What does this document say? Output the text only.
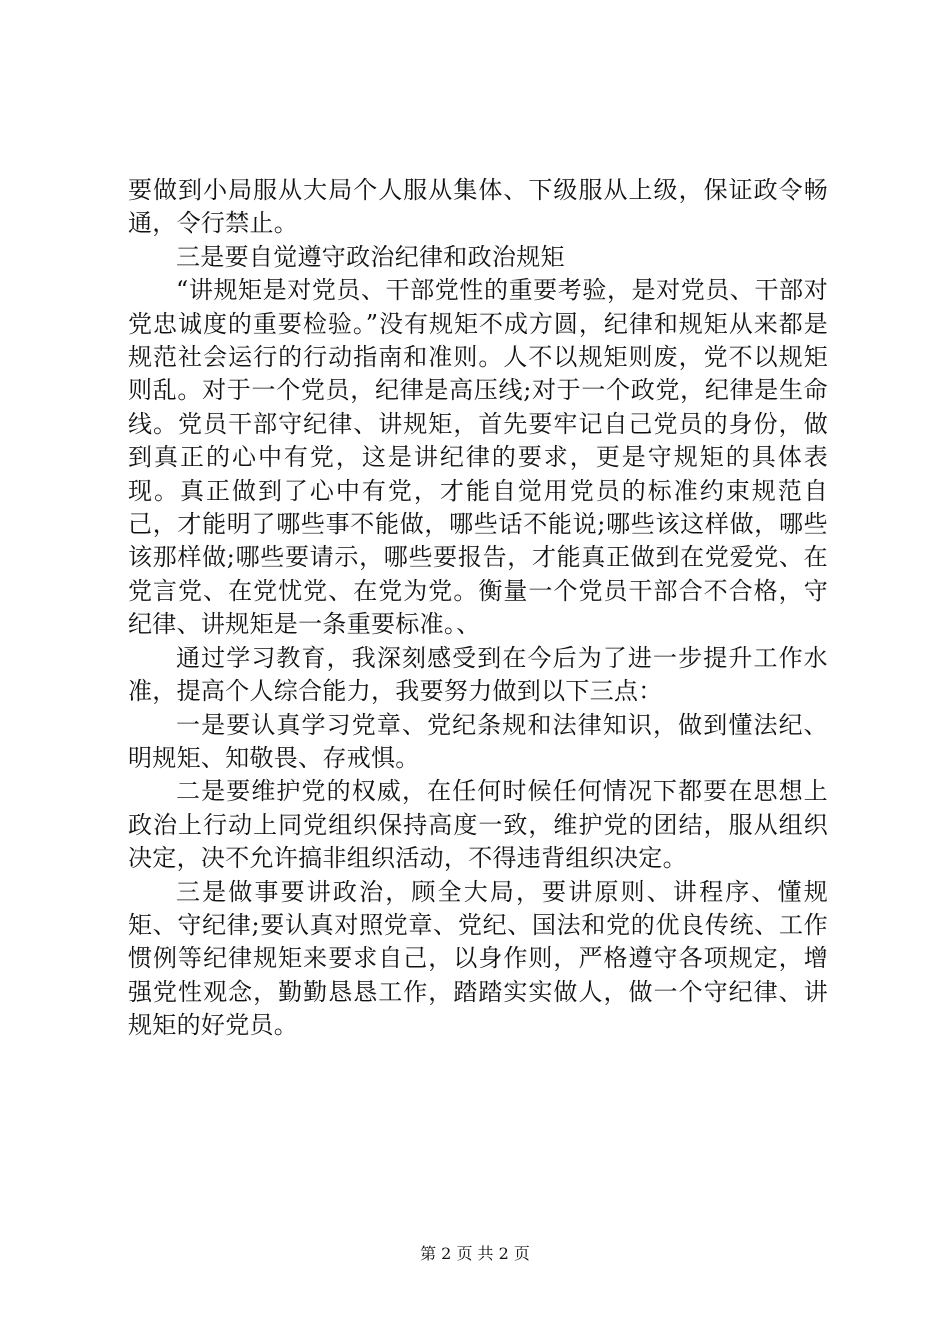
要做到小局服从大局个人服从集体、下级服从上级，保证政令畅通，令行禁止。

三是要自觉遵守政治纪律和政治规矩

“讲规矩是对党员、干部党性的重要考验，是对党员、干部对党忠诚度的重要检验。”没有规矩不成方圆，纪律和规矩从来都是规范社会运行的行动指南和准则。人不以规矩则废，党不以规矩则乱。对于一个党员，纪律是高压线;对于一个政党，纪律是生命线。党员干部守纪律、讲规矩，首先要牢记自己党员的身份，做到真正的心中有党，这是讲纪律的要求，更是守规矩的具体表现。真正做到了心中有党，才能自觉用党员的标准约束规范自己，才能明了哪些事不能做，哪些话不能说;哪些该这样做，哪些该那样做;哪些要请示，哪些要报告，才能真正做到在党爱党、在党言党、在党忧党、在党为党。衡量一个党员干部合不合格，守纪律、讲规矩是一条重要标准。、

通过学习教育，我深刻感受到在今后为了进一步提升工作水准，提高个人综合能力，我要努力做到以下三点：

一是要认真学习党章、党纪条规和法律知识，做到懂法纪、明规矩、知敬畏、存戒惧。

二是要维护党的权威，在任何时候任何情况下都要在思想上政治上行动上同党组织保持高度一致，维护党的团结，服从组织决定，决不允许搞非组织活动，不得违背组织决定。

三是做事要讲政治，顾全大局，要讲原则、讲程序、懂规矩、守纪律;要认真对照党章、党纪、国法和党的优良传统、工作惯例等纪律规矩来要求自己，以身作则，严格遵守各项规定，增强党性观念，勤勤恳恳工作，踏踏实实做人，做一个守纪律、讲规矩的好党员。

第 2 页 共 2 页
